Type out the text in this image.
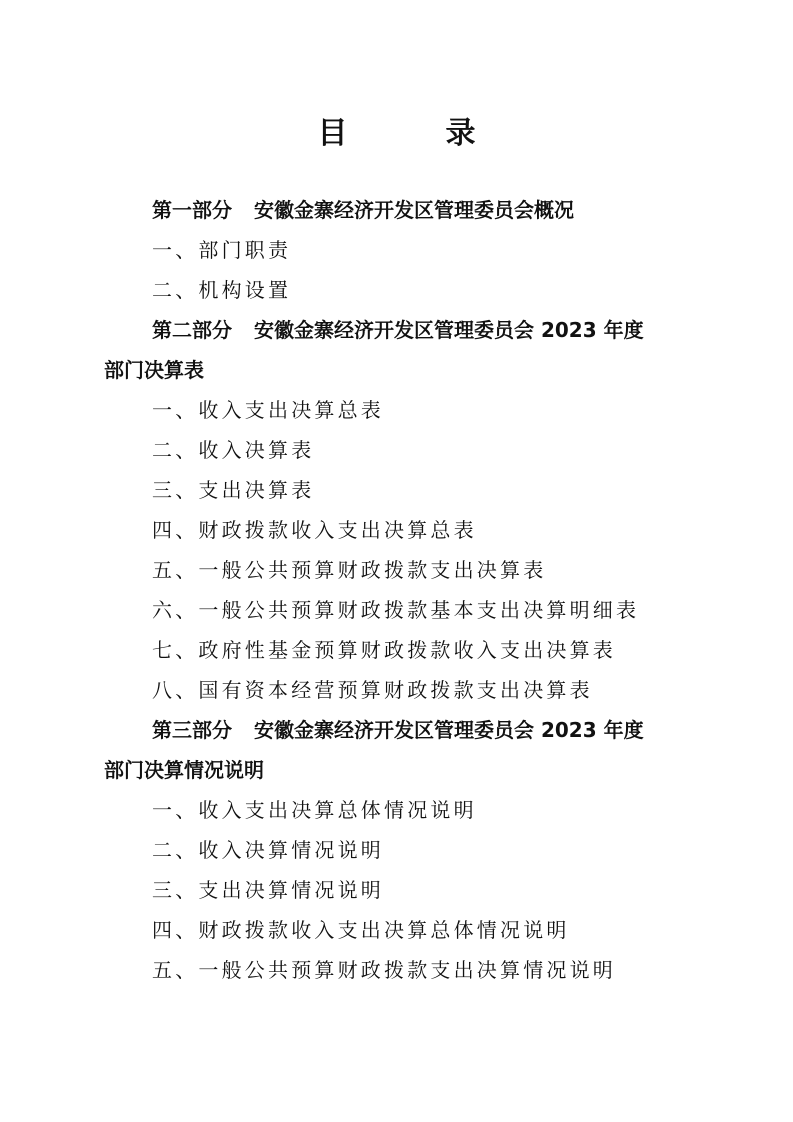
目　录
第一部分 安徽金寨经济开发区管理委员会概况
一、部门职责
二、机构设置
第二部分 安徽金寨经济开发区管理委员会 2023 年度
部门决算表
一、收入支出决算总表
二、收入决算表
三、支出决算表
四、财政拨款收入支出决算总表
五、一般公共预算财政拨款支出决算表
六、一般公共预算财政拨款基本支出决算明细表
七、政府性基金预算财政拨款收入支出决算表
八、国有资本经营预算财政拨款支出决算表
第三部分 安徽金寨经济开发区管理委员会 2023 年度
部门决算情况说明
一、收入支出决算总体情况说明
二、收入决算情况说明
三、支出决算情况说明
四、财政拨款收入支出决算总体情况说明
五、一般公共预算财政拨款支出决算情况说明
